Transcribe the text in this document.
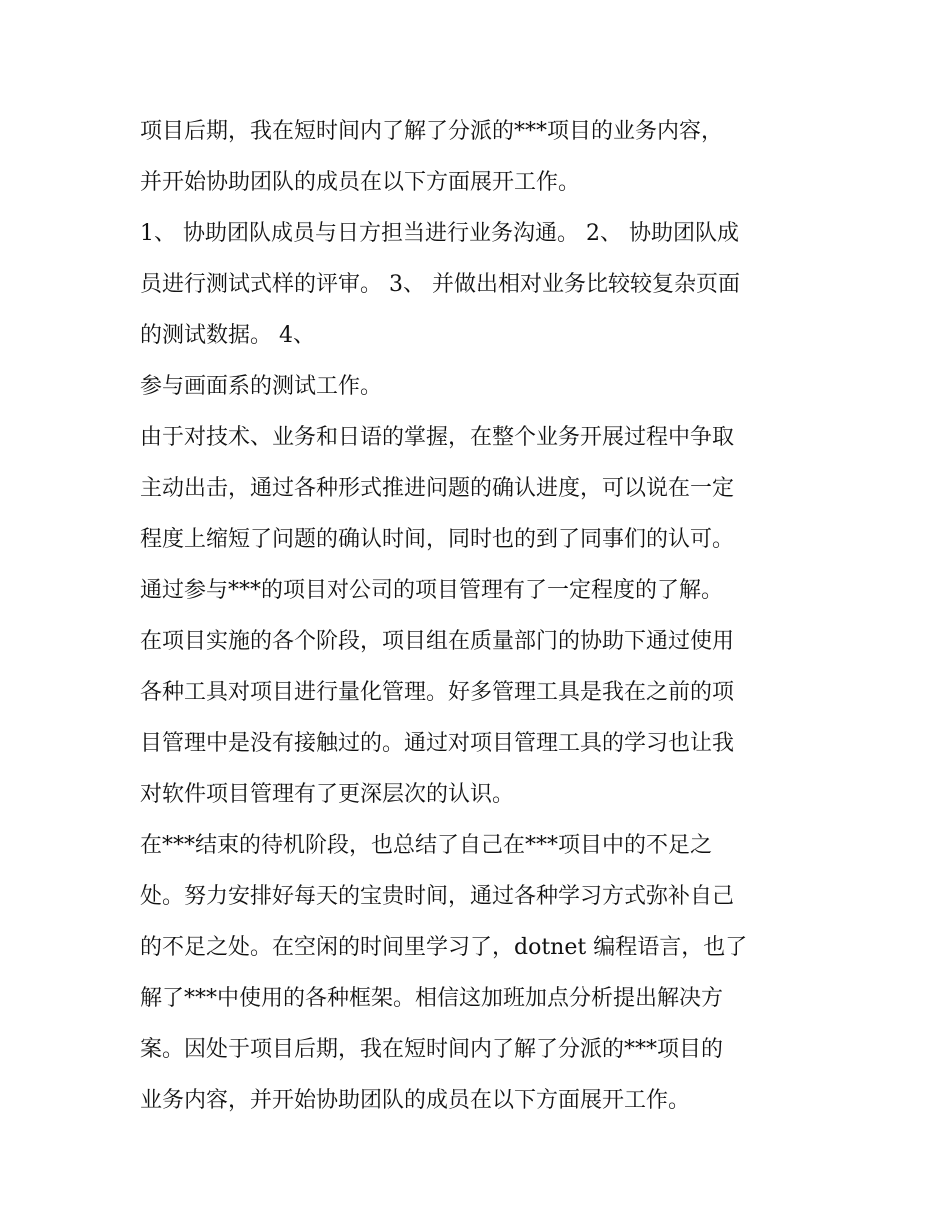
项目后期，我在短时间内了解了分派的***项目的业务内容，
并开始协助团队的成员在以下方面展开工作。
1、 协助团队成员与日方担当进行业务沟通。 2、 协助团队成
员进行测试式样的评审。 3、 并做出相对业务比较较复杂页面
的测试数据。 4、
参与画面系的测试工作。
由于对技术、业务和日语的掌握，在整个业务开展过程中争取
主动出击，通过各种形式推进问题的确认进度，可以说在一定
程度上缩短了问题的确认时间，同时也的到了同事们的认可。
通过参与***的项目对公司的项目管理有了一定程度的了解。
在项目实施的各个阶段，项目组在质量部门的协助下通过使用
各种工具对项目进行量化管理。好多管理工具是我在之前的项
目管理中是没有接触过的。通过对项目管理工具的学习也让我
对软件项目管理有了更深层次的认识。
在***结束的待机阶段，也总结了自己在***项目中的不足之
处。努力安排好每天的宝贵时间，通过各种学习方式弥补自己
的不足之处。在空闲的时间里学习了，dotnet 编程语言，也了
解了***中使用的各种框架。相信这加班加点分析提出解决方
案。因处于项目后期，我在短时间内了解了分派的***项目的
业务内容，并开始协助团队的成员在以下方面展开工作。
